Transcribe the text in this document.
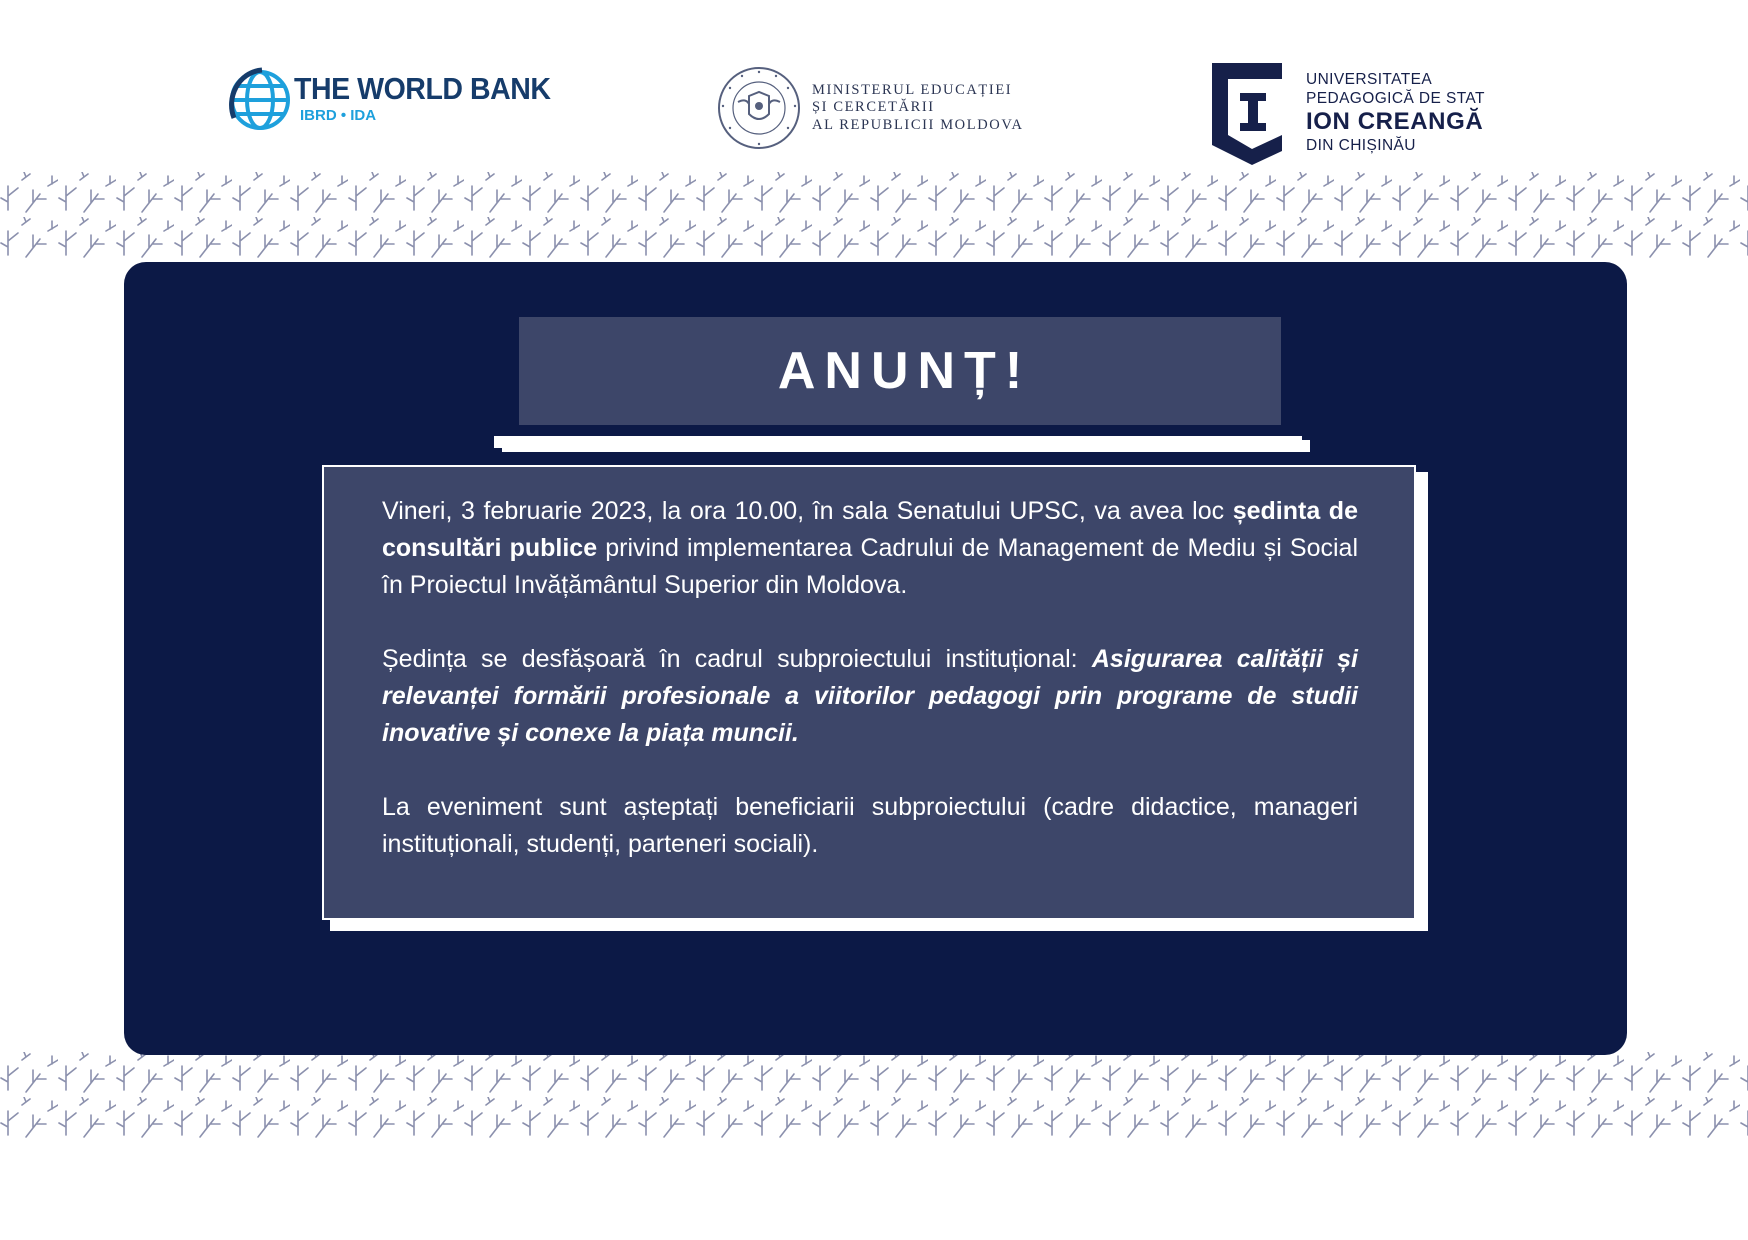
THE WORLD BANK
IBRD • IDA
MINISTERUL EDUCAȚIEI
ȘI CERCETĂRII
AL REPUBLICII MOLDOVA
UNIVERSITATEA
PEDAGOGICĂ DE STAT
ION CREANGĂ
DIN CHIȘINĂU
ANUNȚ!

Vineri, 3 februarie 2023, la ora 10.00, în sala Senatului UPSC, va avea loc ședinta de consultări publice privind implementarea Cadrului de Management de Mediu și Social în Proiectul Invățământul Superior din Moldova.

Ședința se desfășoară în cadrul subproiectului instituțional: Asigurarea calității și relevanței formării profesionale a viitorilor pedagogi prin programe de studii inovative și conexe la piața muncii.

La eveniment sunt așteptați beneficiarii subproiectului (cadre didactice, manageri instituționali, studenți, parteneri sociali).
